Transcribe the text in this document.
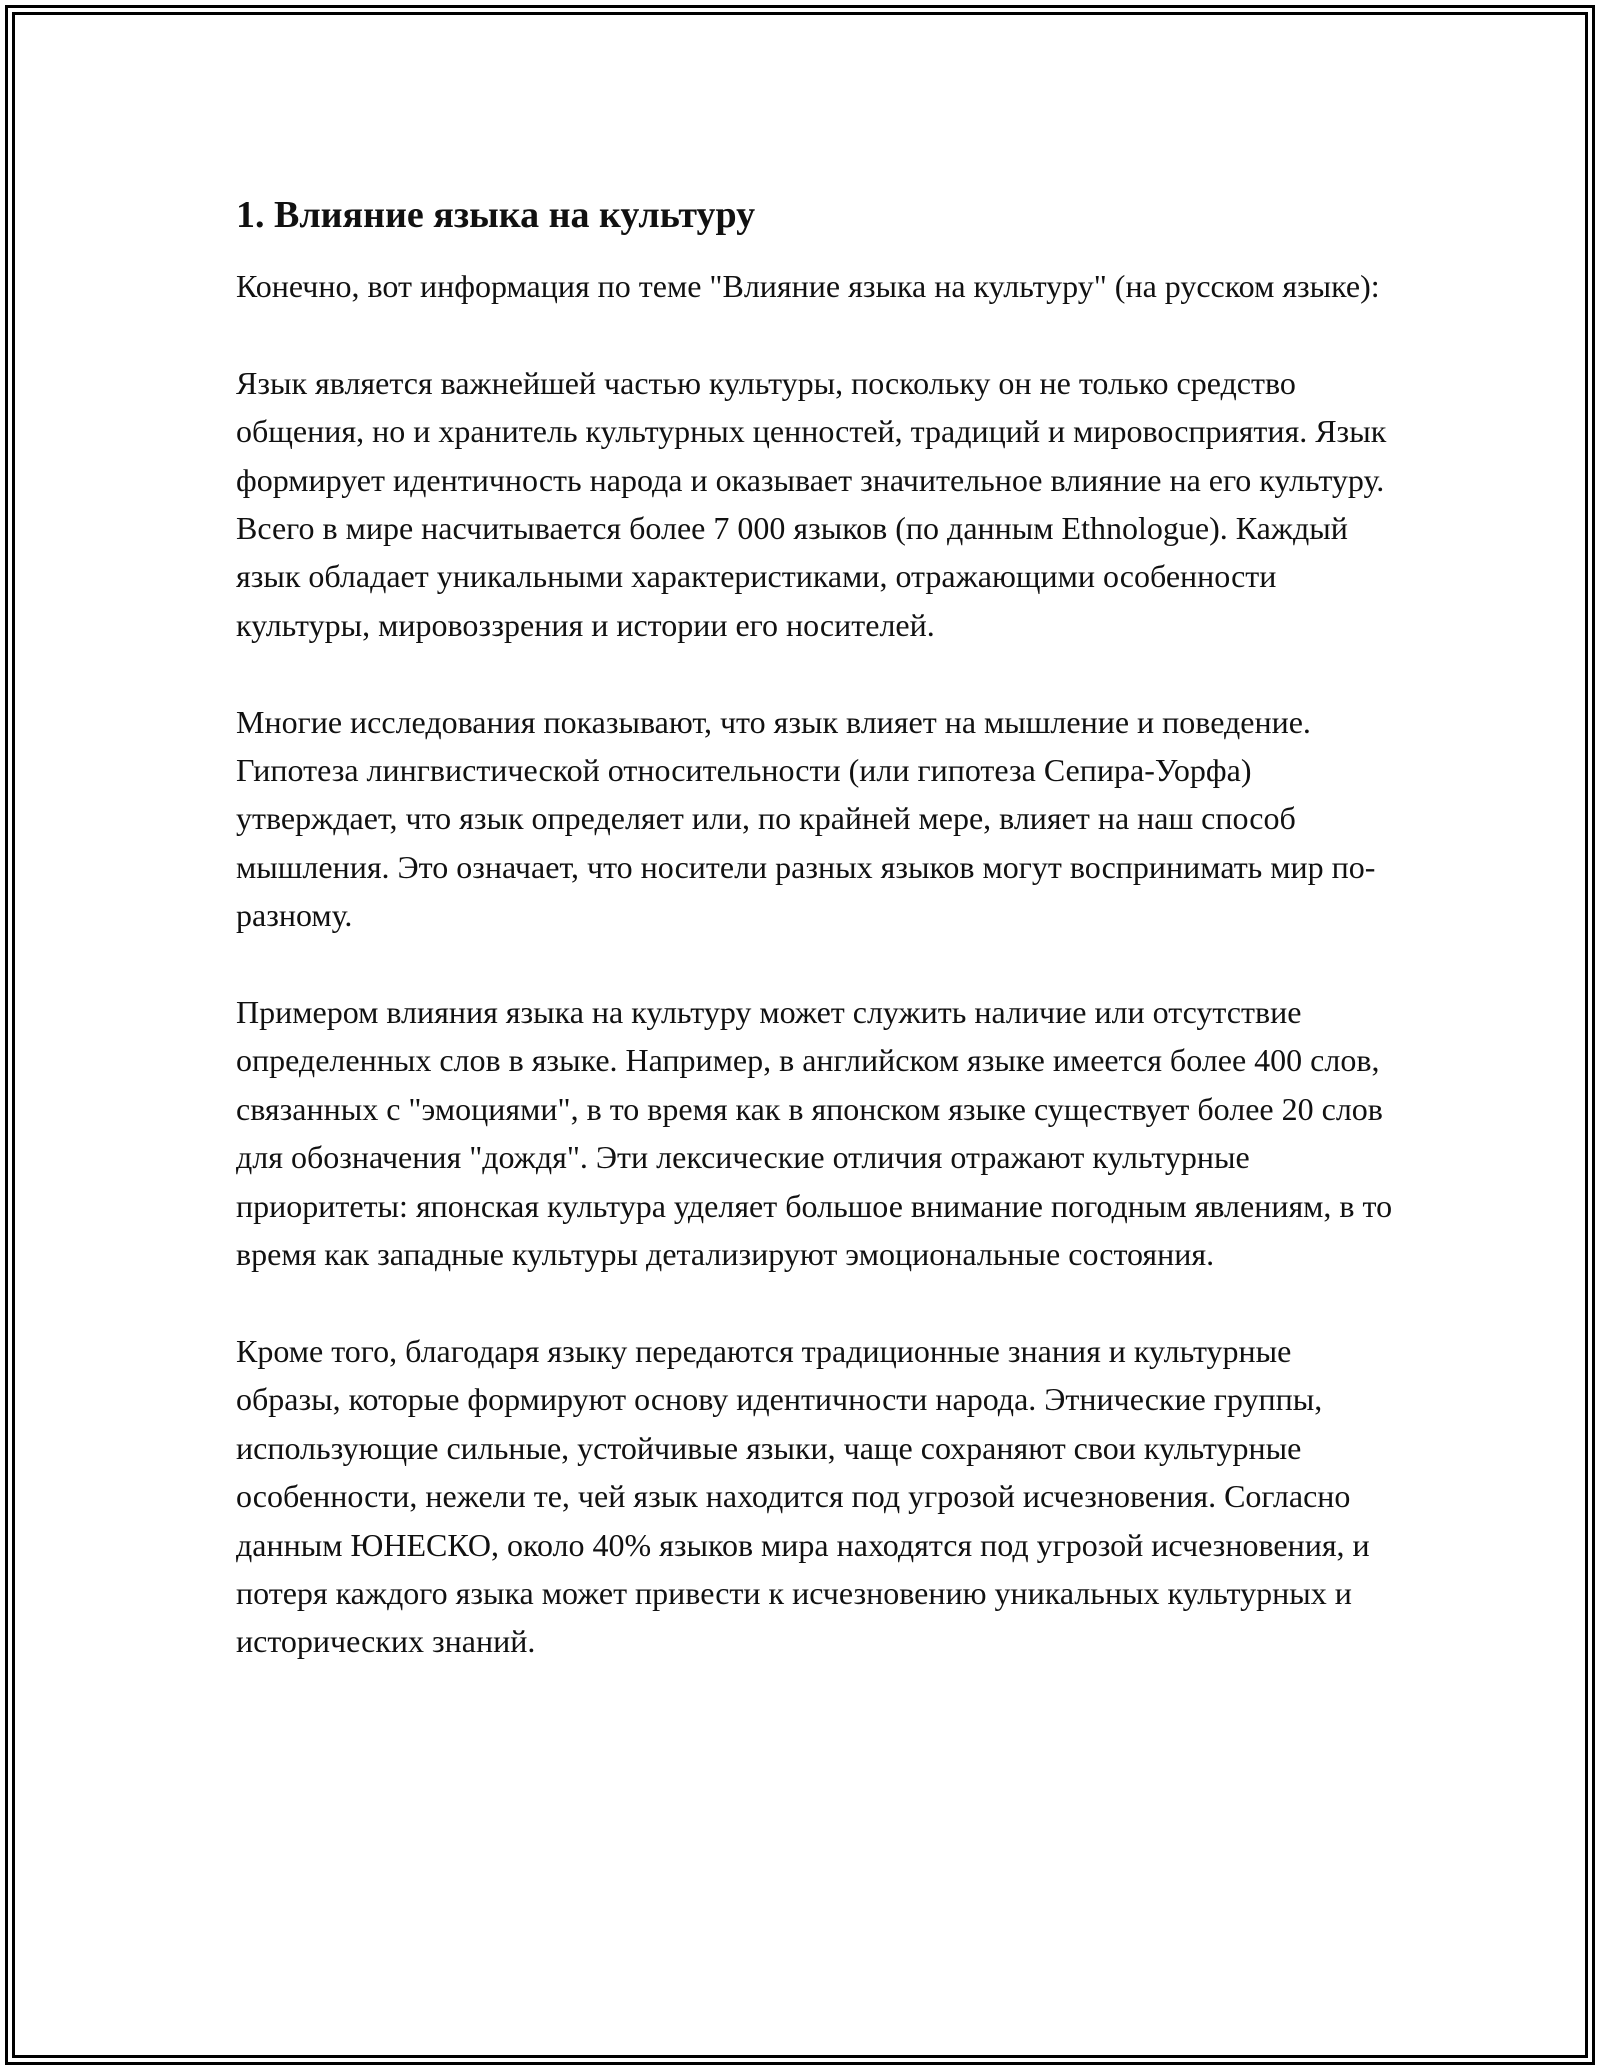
1. Влияние языка на культуру

Конечно, вот информация по теме "Влияние языка на культуру" (на русском языке):

Язык является важнейшей частью культуры, поскольку он не только средство общения, но и хранитель культурных ценностей, традиций и мировосприятия. Язык формирует идентичность народа и оказывает значительное влияние на его культуру. Всего в мире насчитывается более 7 000 языков (по данным Ethnologue). Каждый язык обладает уникальными характеристиками, отражающими особенности культуры, мировоззрения и истории его носителей.

Многие исследования показывают, что язык влияет на мышление и поведение. Гипотеза лингвистической относительности (или гипотеза Сепира-Уорфа) утверждает, что язык определяет или, по крайней мере, влияет на наш способ мышления. Это означает, что носители разных языков могут воспринимать мир по-разному.

Примером влияния языка на культуру может служить наличие или отсутствие определенных слов в языке. Например, в английском языке имеется более 400 слов, связанных с "эмоциями", в то время как в японском языке существует более 20 слов для обозначения "дождя". Эти лексические отличия отражают культурные приоритеты: японская культура уделяет большое внимание погодным явлениям, в то время как западные культуры детализируют эмоциональные состояния.

Кроме того, благодаря языку передаются традиционные знания и культурные образы, которые формируют основу идентичности народа. Этнические группы, использующие сильные, устойчивые языки, чаще сохраняют свои культурные особенности, нежели те, чей язык находится под угрозой исчезновения. Согласно данным ЮНЕСКО, около 40% языков мира находятся под угрозой исчезновения, и потеря каждого языка может привести к исчезновению уникальных культурных и исторических знаний.
